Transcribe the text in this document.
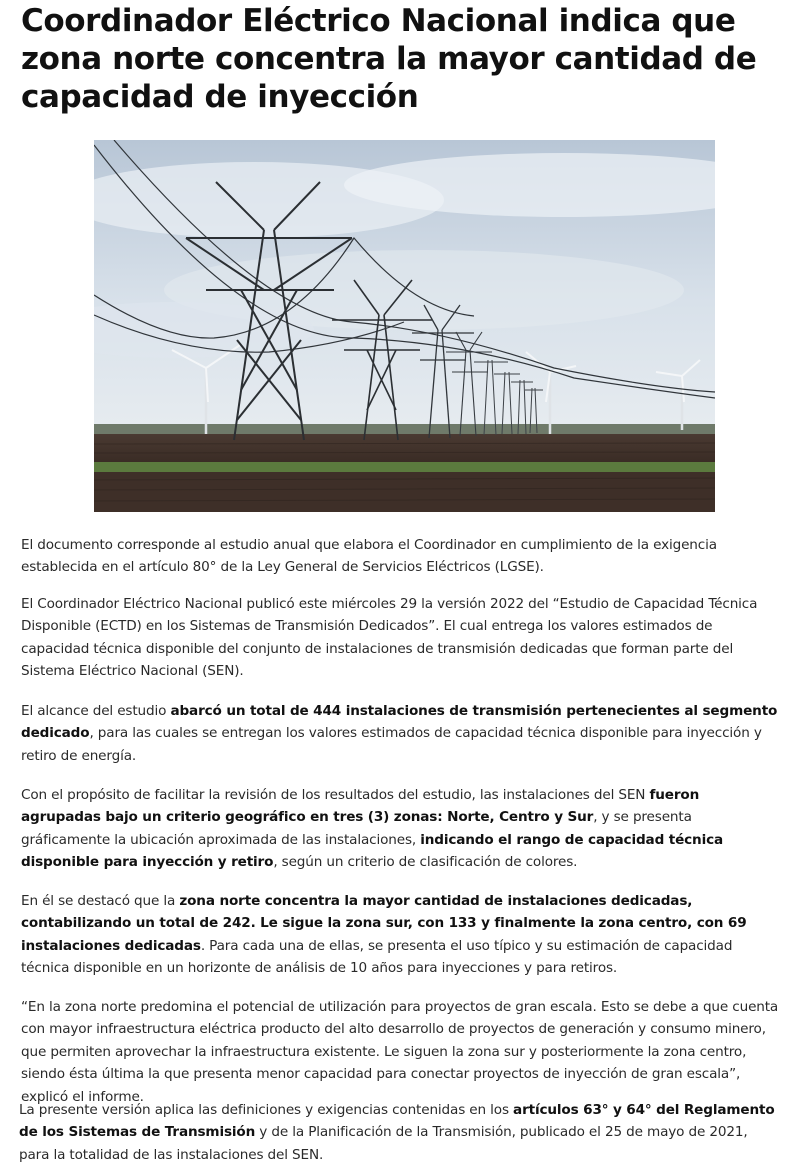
Coordinador Eléctrico Nacional indica que zona norte concentra la mayor cantidad de capacidad de inyección

El documento corresponde al estudio anual que elabora el Coordinador en cumplimiento de la exigencia establecida en el artículo 80° de la Ley General de Servicios Eléctricos (LGSE).

El Coordinador Eléctrico Nacional publicó este miércoles 29 la versión 2022 del “Estudio de Capacidad Técnica Disponible (ECTD) en los Sistemas de Transmisión Dedicados”. El cual entrega los valores estimados de capacidad técnica disponible del conjunto de instalaciones de transmisión dedicadas que forman parte del Sistema Eléctrico Nacional (SEN).

El alcance del estudio abarcó un total de 444 instalaciones de transmisión pertenecientes al segmento dedicado, para las cuales se entregan los valores estimados de capacidad técnica disponible para inyección y retiro de energía.

Con el propósito de facilitar la revisión de los resultados del estudio, las instalaciones del SEN fueron agrupadas bajo un criterio geográfico en tres (3) zonas: Norte, Centro y Sur, y se presenta gráficamente la ubicación aproximada de las instalaciones, indicando el rango de capacidad técnica disponible para inyección y retiro, según un criterio de clasificación de colores.

En él se destacó que la zona norte concentra la mayor cantidad de instalaciones dedicadas, contabilizando un total de 242. Le sigue la zona sur, con 133 y finalmente la zona centro, con 69 instalaciones dedicadas. Para cada una de ellas, se presenta el uso típico y su estimación de capacidad técnica disponible en un horizonte de análisis de 10 años para inyecciones y para retiros.

“En la zona norte predomina el potencial de utilización para proyectos de gran escala. Esto se debe a que cuenta con mayor infraestructura eléctrica producto del alto desarrollo de proyectos de generación y consumo minero, que permiten aprovechar la infraestructura existente. Le siguen la zona sur y posteriormente la zona centro, siendo ésta última la que presenta menor capacidad para conectar proyectos de inyección de gran escala”, explicó el informe.

La presente versión aplica las definiciones y exigencias contenidas en los artículos 63° y 64° del Reglamento de los Sistemas de Transmisión y de la Planificación de la Transmisión, publicado el 25 de mayo de 2021, para la totalidad de las instalaciones del SEN.
